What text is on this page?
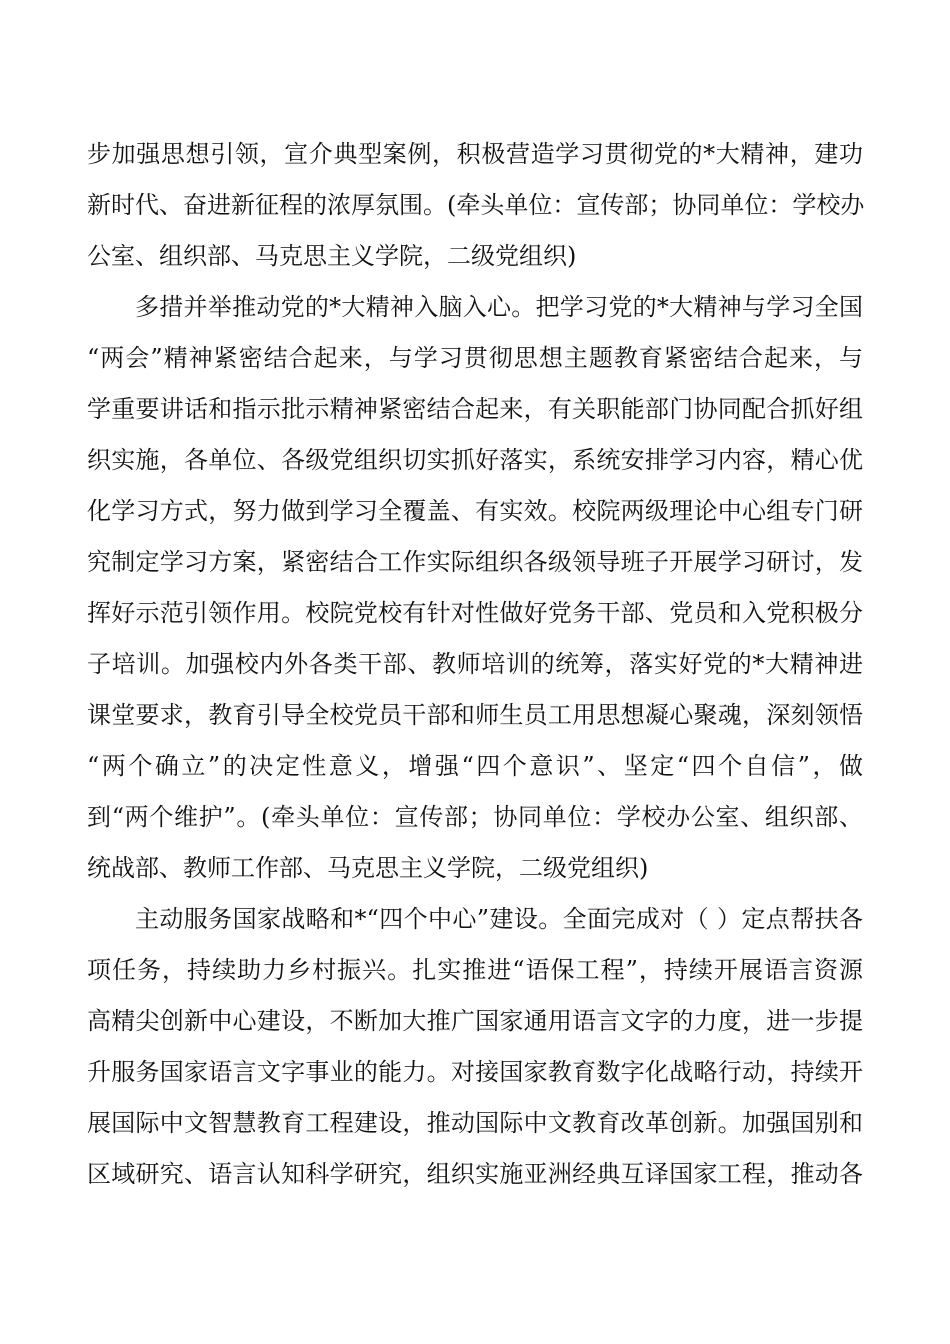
步加强思想引领，宣介典型案例，积极营造学习贯彻党的*大精神，建功
新时代、奋进新征程的浓厚氛围。(牵头单位：宣传部；协同单位：学校办
公室、组织部、马克思主义学院，二级党组织)
多措并举推动党的*大精神入脑入心。把学习党的*大精神与学习全国
“两会”精神紧密结合起来，与学习贯彻思想主题教育紧密结合起来，与
学重要讲话和指示批示精神紧密结合起来，有关职能部门协同配合抓好组
织实施，各单位、各级党组织切实抓好落实，系统安排学习内容，精心优
化学习方式，努力做到学习全覆盖、有实效。校院两级理论中心组专门研
究制定学习方案，紧密结合工作实际组织各级领导班子开展学习研讨，发
挥好示范引领作用。校院党校有针对性做好党务干部、党员和入党积极分
子培训。加强校内外各类干部、教师培训的统筹，落实好党的*大精神进
课堂要求，教育引导全校党员干部和师生员工用思想凝心聚魂，深刻领悟
“两个确立”的决定性意义，增强“四个意识”、坚定“四个自信”，做
到“两个维护”。(牵头单位：宣传部；协同单位：学校办公室、组织部、
统战部、教师工作部、马克思主义学院，二级党组织)
主动服务国家战略和*“四个中心”建设。全面完成对（ ）定点帮扶各
项任务，持续助力乡村振兴。扎实推进“语保工程”，持续开展语言资源
高精尖创新中心建设，不断加大推广国家通用语言文字的力度，进一步提
升服务国家语言文字事业的能力。对接国家教育数字化战略行动，持续开
展国际中文智慧教育工程建设，推动国际中文教育改革创新。加强国别和
区域研究、语言认知科学研究，组织实施亚洲经典互译国家工程，推动各
